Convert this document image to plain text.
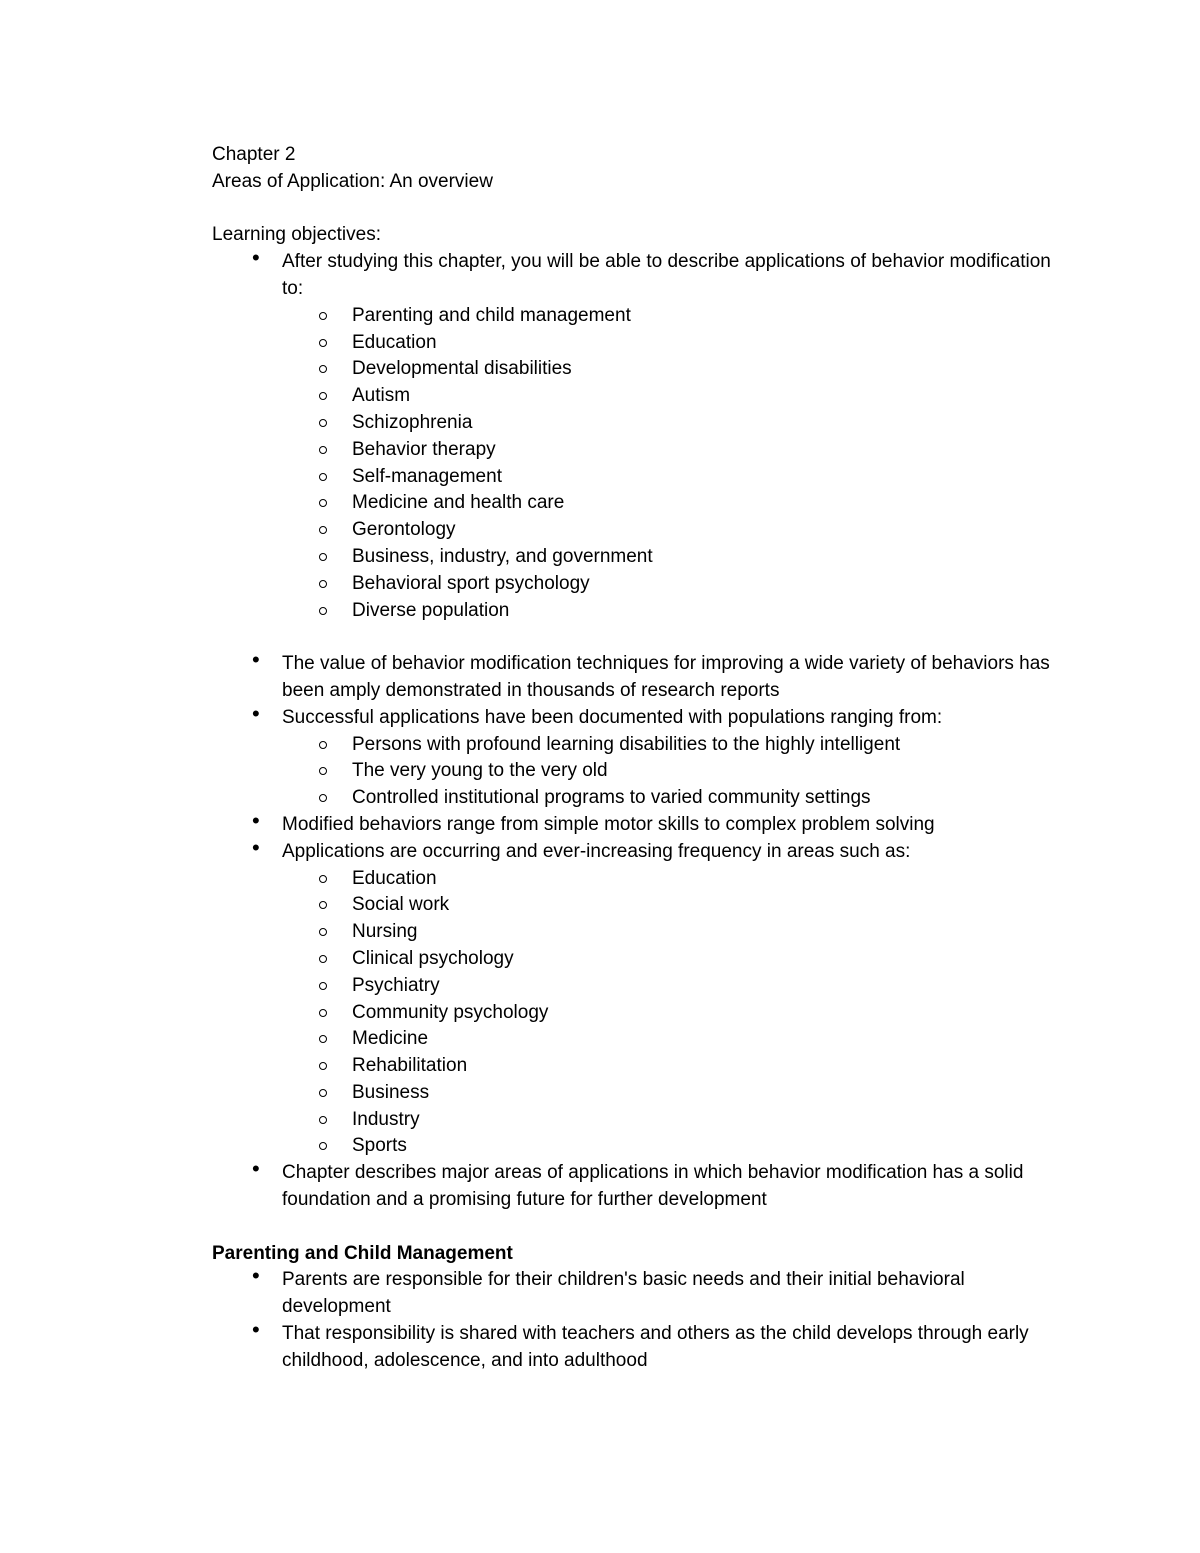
Chapter 2

Areas of Application: An overview

Learning objectives:

• After studying this chapter, you will be able to describe applications of behavior modification to:
Parenting and child management
Education
Developmental disabilities
Autism
Schizophrenia
Behavior therapy
Self-management
Medicine and health care
Gerontology
Business, industry, and government
Behavioral sport psychology
Diverse population
• The value of behavior modification techniques for improving a wide variety of behaviors has been amply demonstrated in thousands of research reports
• Successful applications have been documented with populations ranging from:
Persons with profound learning disabilities to the highly intelligent
The very young to the very old
Controlled institutional programs to varied community settings
• Modified behaviors range from simple motor skills to complex problem solving
• Applications are occurring and ever-increasing frequency in areas such as:
Education
Social work
Nursing
Clinical psychology
Psychiatry
Community psychology
Medicine
Rehabilitation
Business
Industry
Sports
• Chapter describes major areas of applications in which behavior modification has a solid foundation and a promising future for further development

Parenting and Child Management

• Parents are responsible for their children's basic needs and their initial behavioral development
• That responsibility is shared with teachers and others as the child develops through early childhood, adolescence, and into adulthood
